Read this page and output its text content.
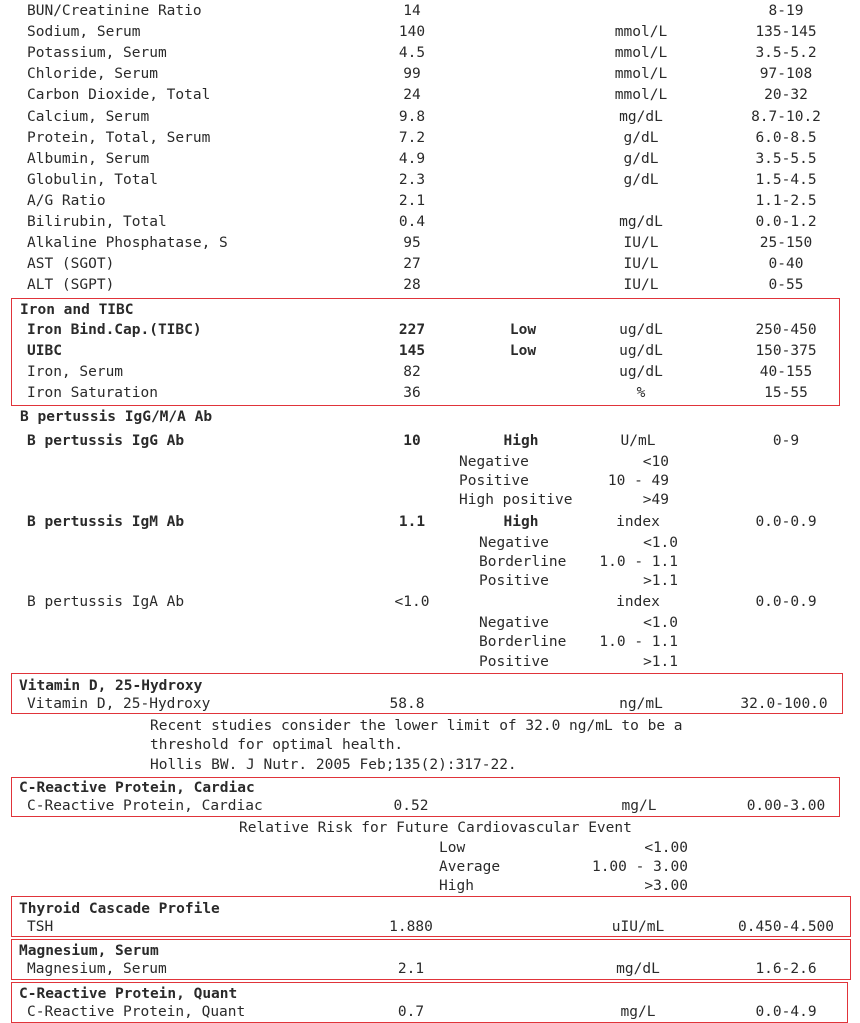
BUN/Creatinine Ratio	14	8-19
Sodium, Serum	140	mmol/L	135-145
Potassium, Serum	4.5	mmol/L	3.5-5.2
Chloride, Serum	99	mmol/L	97-108
Carbon Dioxide, Total	24	mmol/L	20-32
Calcium, Serum	9.8	mg/dL	8.7-10.2
Protein, Total, Serum	7.2	g/dL	6.0-8.5
Albumin, Serum	4.9	g/dL	3.5-5.5
Globulin, Total	2.3	g/dL	1.5-4.5
A/G Ratio	2.1	1.1-2.5
Bilirubin, Total	0.4	mg/dL	0.0-1.2
Alkaline Phosphatase, S	95	IU/L	25-150
AST (SGOT)	27	IU/L	0-40
ALT (SGPT)	28	IU/L	0-55
Iron and TIBC
Iron Bind.Cap.(TIBC)	227	Low	ug/dL	250-450
UIBC	145	Low	ug/dL	150-375
Iron, Serum	82	ug/dL	40-155
Iron Saturation	36	%	15-55
B pertussis IgG/M/A Ab
B pertussis IgG Ab	10	High	U/mL	0-9
Negative	<10
Positive	10 - 49
High positive	>49
B pertussis IgM Ab	1.1	High	index	0.0-0.9
Negative	<1.0
Borderline	1.0 - 1.1
Positive	>1.1
B pertussis IgA Ab	<1.0	index	0.0-0.9
Negative	<1.0
Borderline	1.0 - 1.1
Positive	>1.1
Vitamin D, 25-Hydroxy
Vitamin D, 25-Hydroxy	58.8	ng/mL	32.0-100.0
Recent studies consider the lower limit of 32.0 ng/mL to be a
threshold for optimal health.
Hollis BW. J Nutr. 2005 Feb;135(2):317-22.
C-Reactive Protein, Cardiac
C-Reactive Protein, Cardiac	0.52	mg/L	0.00-3.00
Relative Risk for Future Cardiovascular Event
Low	<1.00
Average	1.00 - 3.00
High	>3.00
Thyroid Cascade Profile
TSH	1.880	uIU/mL	0.450-4.500
Magnesium, Serum
Magnesium, Serum	2.1	mg/dL	1.6-2.6
C-Reactive Protein, Quant
C-Reactive Protein, Quant	0.7	mg/L	0.0-4.9
